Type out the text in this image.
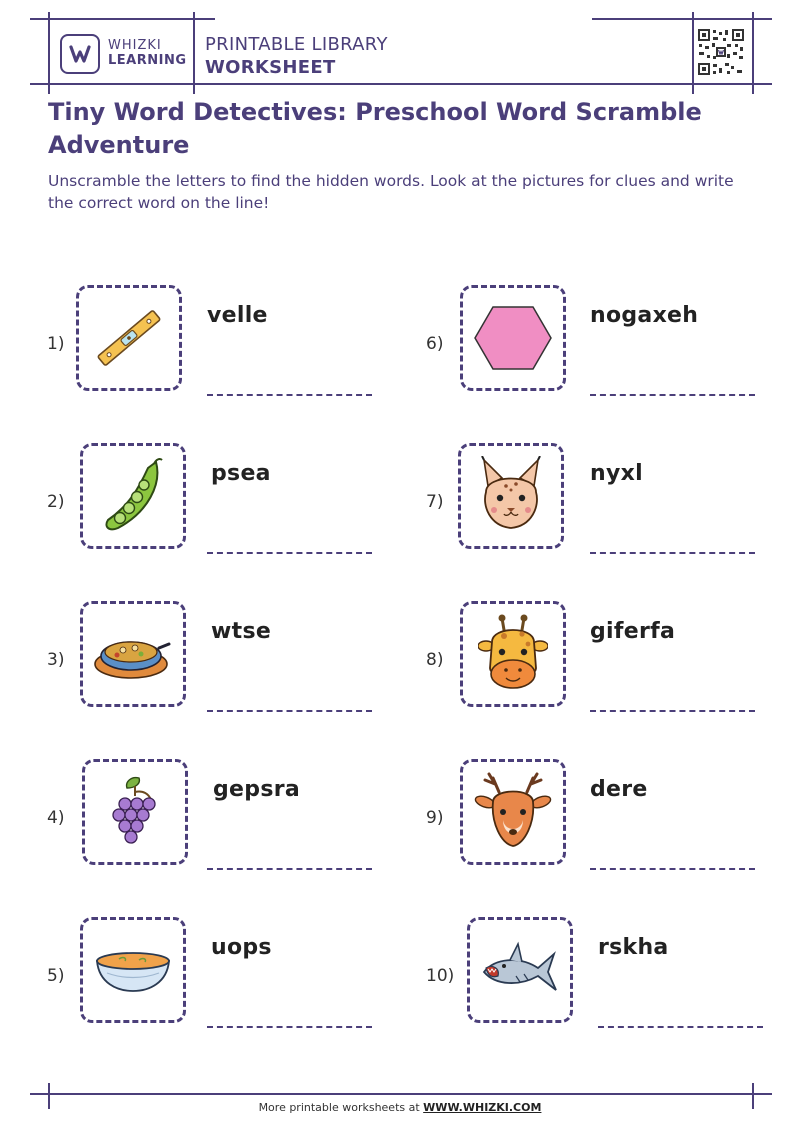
WHIZKI
LEARNING
PRINTABLE LIBRARY
WORKSHEET
Tiny Word Detectives: Preschool Word Scramble Adventure
Unscramble the letters to find the hidden words. Look at the pictures for clues and write the correct word on the line!
1)
velle
2)
psea
3)
wtse
4)
gepsra
5)
uops
6)
nogaxeh
7)
nyxl
8)
giferfa
9)
dere
10)
rskha
More printable worksheets at WWW.WHIZKI.COM
